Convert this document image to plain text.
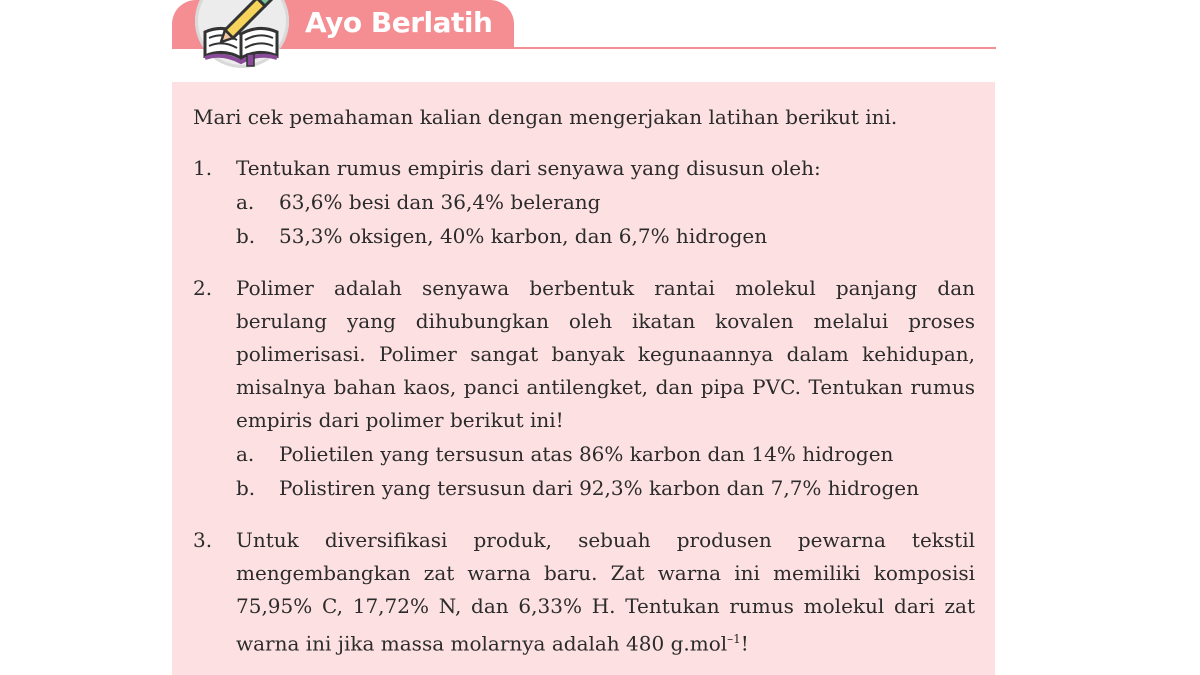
Ayo Berlatih
Mari cek pemahaman kalian dengan mengerjakan latihan berikut ini.
1. Tentukan rumus empiris dari senyawa yang disusun oleh:
a. 63,6% besi dan 36,4% belerang
b. 53,3% oksigen, 40% karbon, dan 6,7% hidrogen
2. Polimer adalah senyawa berbentuk rantai molekul panjang dan berulang yang dihubungkan oleh ikatan kovalen melalui proses polimerisasi. Polimer sangat banyak kegunaannya dalam kehidupan, misalnya bahan kaos, panci antilengket, dan pipa PVC. Tentukan rumus empiris dari polimer berikut ini!
a. Polietilen yang tersusun atas 86% karbon dan 14% hidrogen
b. Polistiren yang tersusun dari 92,3% karbon dan 7,7% hidrogen
3. Untuk diversifikasi produk, sebuah produsen pewarna tekstil mengembangkan zat warna baru. Zat warna ini memiliki komposisi 75,95% C, 17,72% N, dan 6,33% H. Tentukan rumus molekul dari zat warna ini jika massa molarnya adalah 480 g.mol$^{-1}$!
